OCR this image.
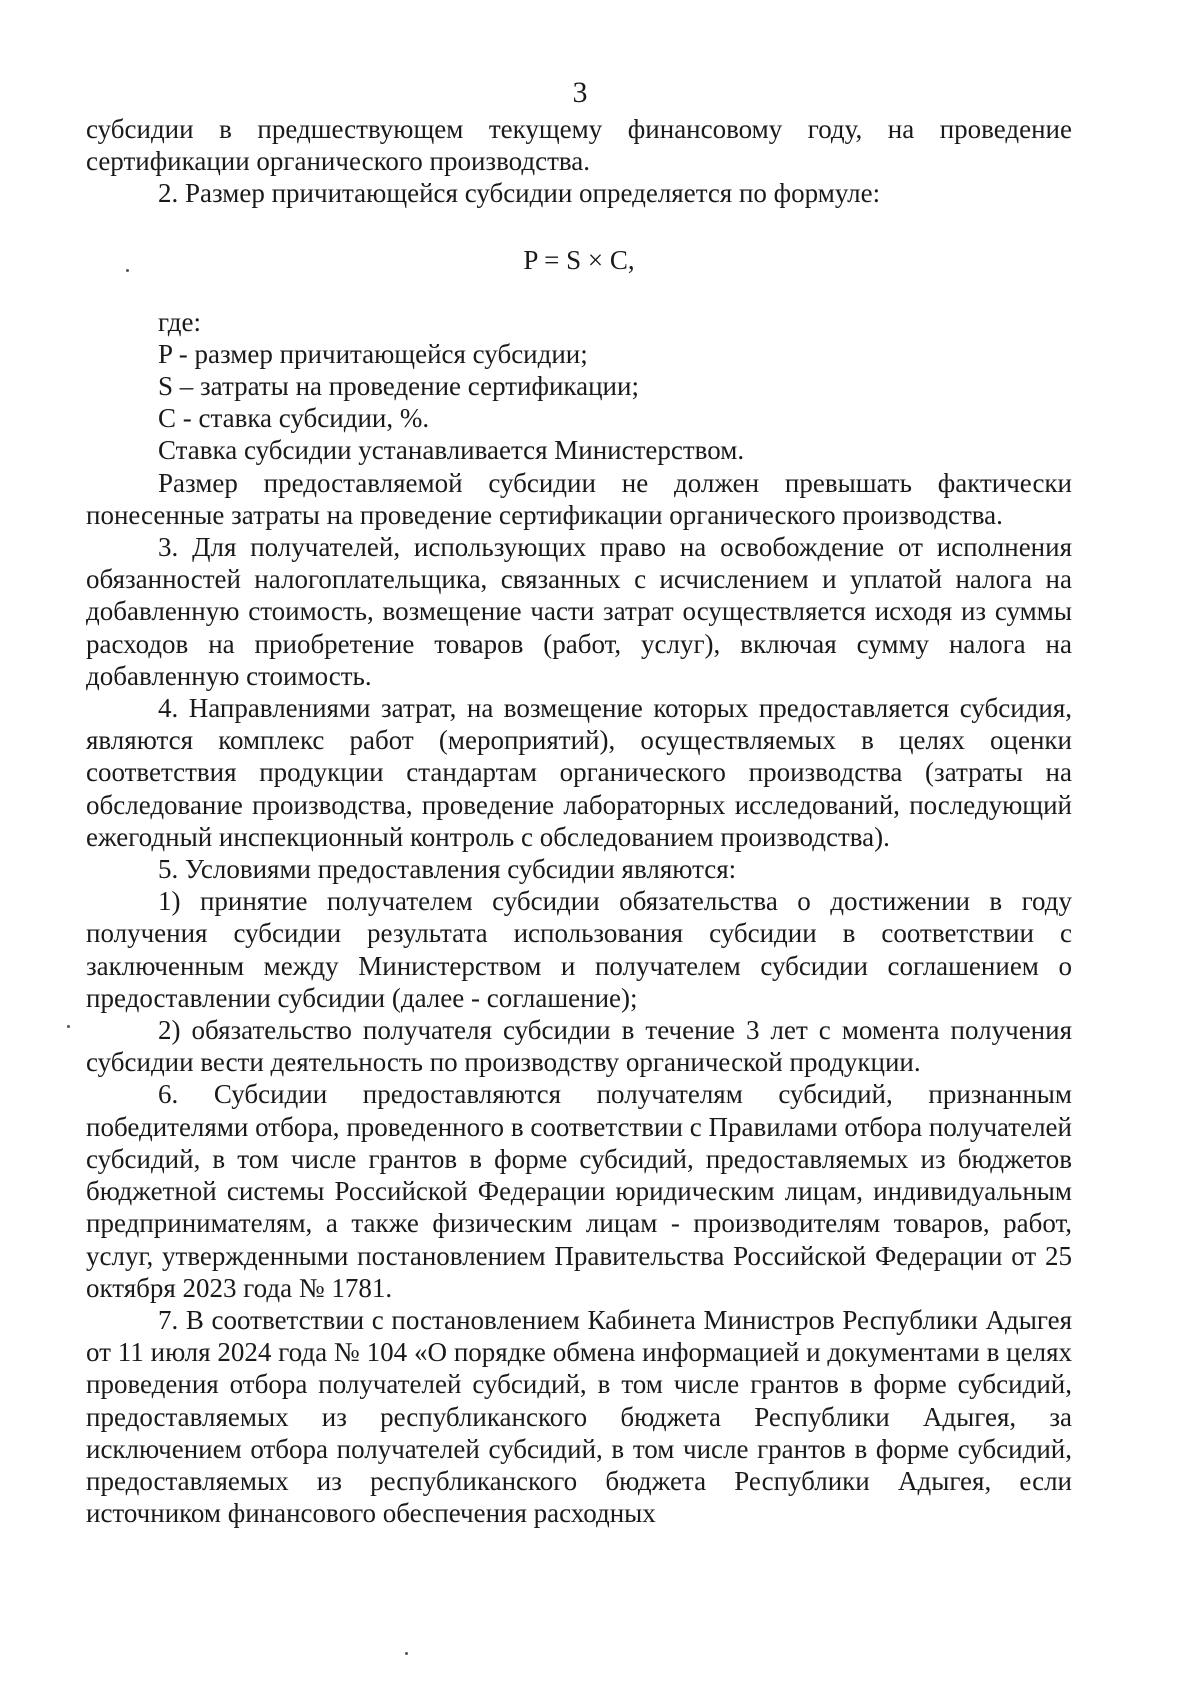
3

субсидии в предшествующем текущему финансовому году, на проведение сертификации органического производства.

2. Размер причитающейся субсидии определяется по формуле:

P = S × C,

где:

P - размер причитающейся субсидии;

S – затраты на проведение сертификации;

C - ставка субсидии, %.

Ставка субсидии устанавливается Министерством.

Размер предоставляемой субсидии не должен превышать фактически понесенные затраты на проведение сертификации органического производства.

3. Для получателей, использующих право на освобождение от исполнения обязанностей налогоплательщика, связанных с исчислением и уплатой налога на добавленную стоимость, возмещение части затрат осуществляется исходя из суммы расходов на приобретение товаров (работ, услуг), включая сумму налога на добавленную стоимость.

4. Направлениями затрат, на возмещение которых предоставляется субсидия, являются комплекс работ (мероприятий), осуществляемых в целях оценки соответствия продукции стандартам органического производства (затраты на обследование производства, проведение лабораторных исследований, последующий ежегодный инспекционный контроль с обследованием производства).

5. Условиями предоставления субсидии являются:

1) принятие получателем субсидии обязательства о достижении в году получения субсидии результата использования субсидии в соответствии с заключенным между Министерством и получателем субсидии соглашением о предоставлении субсидии (далее - соглашение);

2) обязательство получателя субсидии в течение 3 лет с момента получения субсидии вести деятельность по производству органической продукции.

6. Субсидии предоставляются получателям субсидий, признанным победителями отбора, проведенного в соответствии с Правилами отбора получателей субсидий, в том числе грантов в форме субсидий, предоставляемых из бюджетов бюджетной системы Российской Федерации юридическим лицам, индивидуальным предпринимателям, а также физическим лицам - производителям товаров, работ, услуг, утвержденными постановлением Правительства Российской Федерации от 25 октября 2023 года № 1781.

7. В соответствии с постановлением Кабинета Министров Республики Адыгея от 11 июля 2024 года № 104 «О порядке обмена информацией и документами в целях проведения отбора получателей субсидий, в том числе грантов в форме субсидий, предоставляемых из республиканского бюджета Республики Адыгея, за исключением отбора получателей субсидий, в том числе грантов в форме субсидий, предоставляемых из республиканского бюджета Республики Адыгея, если источником финансового обеспечения расходных
